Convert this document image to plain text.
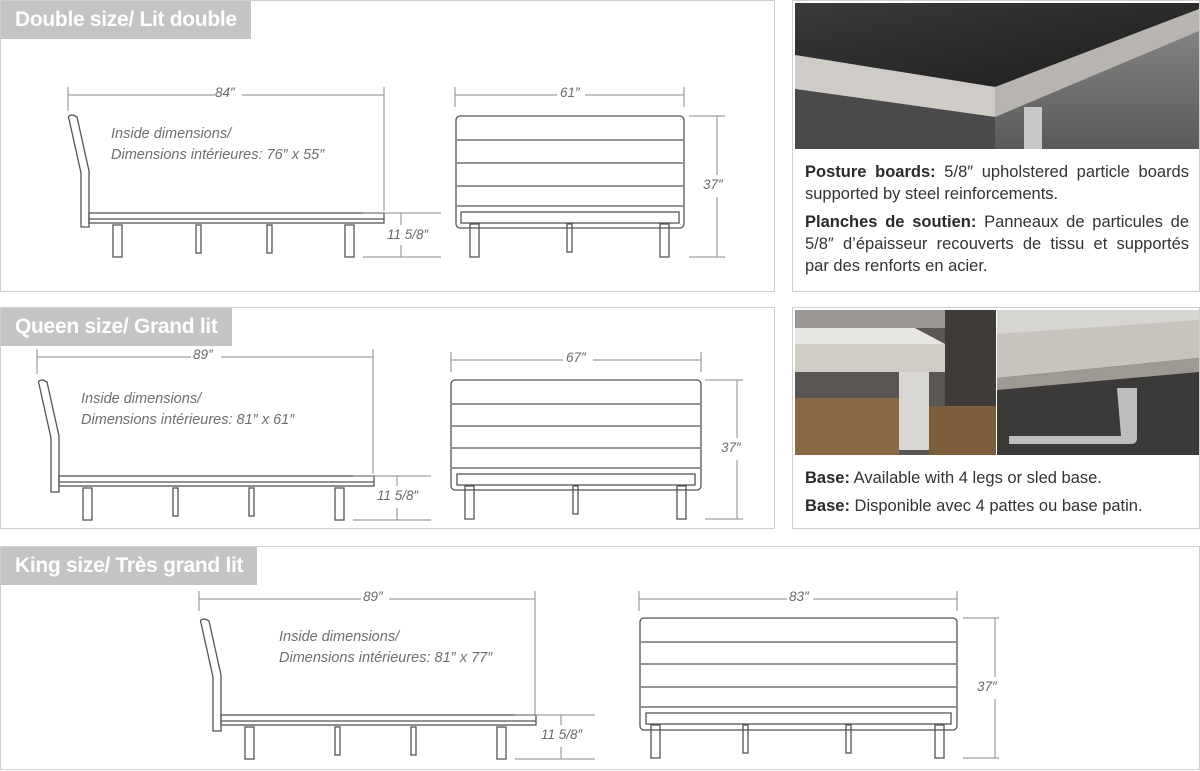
Double size/ Lit double
84″
Inside dimensions/
Dimensions intérieures: 76″ x 55″
11 5/8″
61″
37″
Queen size/ Grand lit
89″
Inside dimensions/
Dimensions intérieures: 81″ x 61″
11 5/8″
67″
37″
King size/ Très grand lit
89″
Inside dimensions/
Dimensions intérieures: 81″ x 77″
11 5/8″
83″
37″

Posture boards: 5/8″ upholstered particle boards supported by steel reinforcements.

Planches de soutien: Panneaux de particules de 5/8″ d’épaisseur recouverts de tissu et supportés par des renforts en acier.

Base: Available with 4 legs or sled base.

Base: Disponible avec 4 pattes ou base patin.
